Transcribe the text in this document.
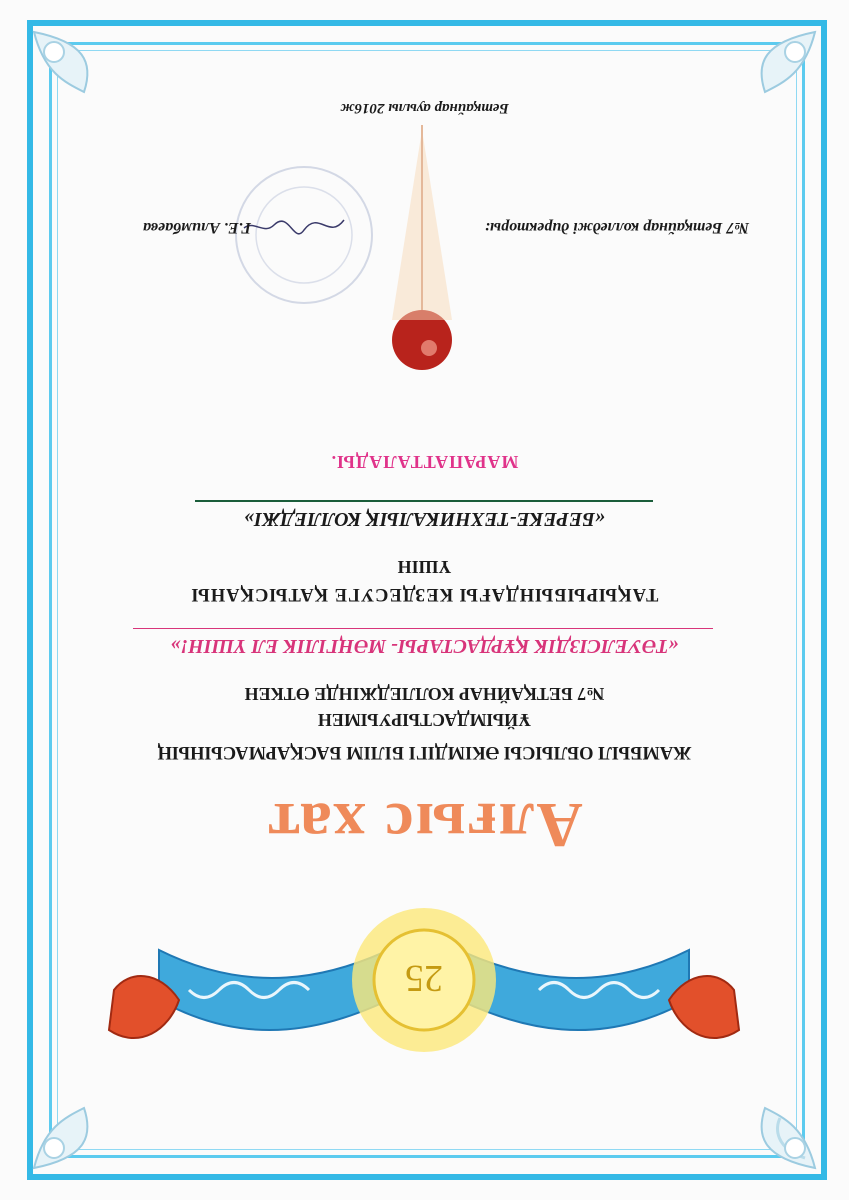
25
Алғыс хат
ЖАМБЫЛ ОБЛЫСЫ ӘКІМДІГІ БІЛІМ БАСҚАРМАСЫНЫҢ
ҰЙЫМДАСТЫРУЫМЕН
№7 БЕТҚАЙНАР КОЛЛЕДЖІНДЕ ӨТКЕН
«ТӘУЕЛСІЗДІК ҚҰРДАСТАРЫ- МӘҢГІЛІК ЕЛ ҮШІН!»
ТАҚЫРЫБЫНДАҒЫ КЕЗДЕСУГЕ ҚАТЫСҚАНЫ
ҮШІН
«БЕРЕКЕ-ТЕХНИКАЛЫҚ КОЛЛЕДЖІ»
МАРАПАТТАЛАДЫ.
№7 Бетқайнар колледжі директоры:
Г.Е. Алимбаева
Бетқайнар ауылы 2016ж
